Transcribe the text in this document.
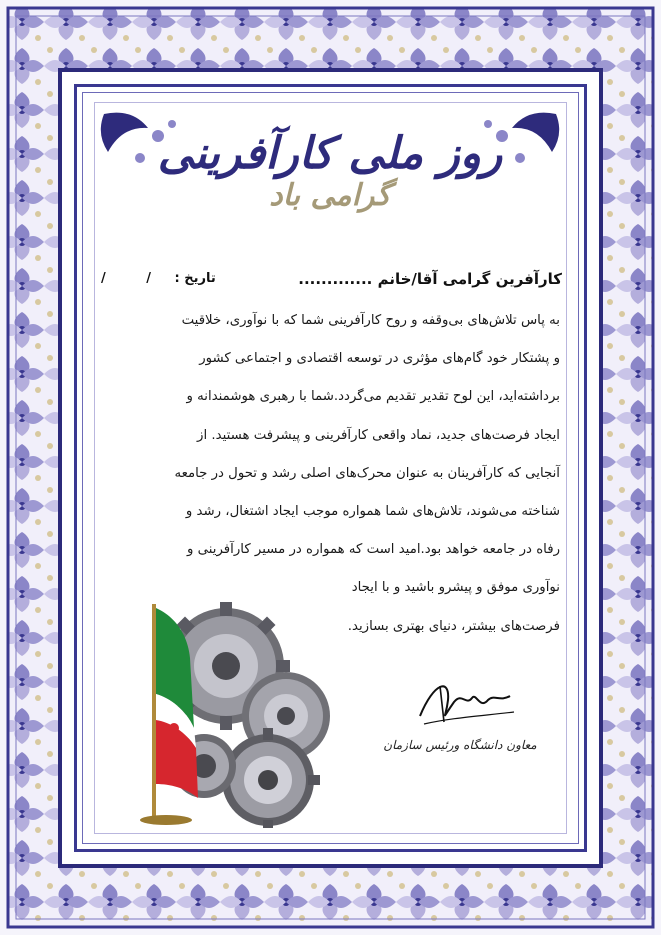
روز ملی کارآفرینی
گرامی باد
کارآفرین گرامی آقا/خانم .............
تاریخ : / /

به پاس تلاش‌های بی‌وقفه و روح کارآفرینی شما که با نوآوری، خلاقیت

و پشتکار خود گام‌های مؤثری در توسعه اقتصادی و اجتماعی کشور

برداشته‌اید، این لوح تقدیر تقدیم می‌گردد.شما با رهبری هوشمندانه و

ایجاد فرصت‌های جدید، نماد واقعی کارآفرینی و پیشرفت هستید. از

آنجایی که کارآفرینان به عنوان محرک‌های اصلی رشد و تحول در جامعه

شناخته می‌شوند، تلاش‌های شما همواره موجب ایجاد اشتغال، رشد و

رفاه در جامعه خواهد بود.امید است که همواره در مسیر کارآفرینی و

نوآوری موفق و پیشرو باشید و با ایجاد

فرصت‌های بیشتر، دنیای بهتری بسازید.

معاون دانشگاه ورئیس سازمان
